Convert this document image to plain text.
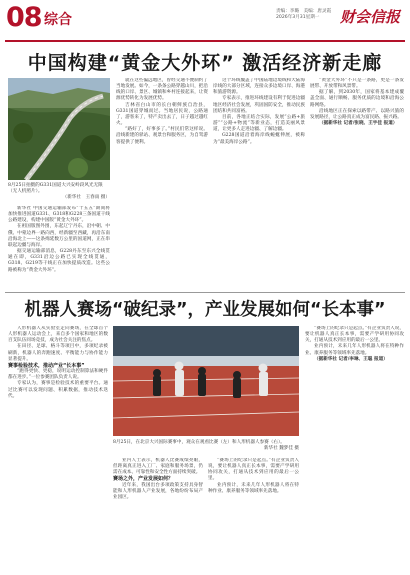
08 综合
责编：李璐　美编：唐灵霞
2026年3月31星期一	财会信报
中国构建“黄金大外环” 激活经济新走廊
8月25日拍摄的G331国道大兴安岭段风光无限（无人机照片）。
（新华社　王春雨 摄）

新华社 中国交通运输部发布“十五五”期间将加快推进国道G331、G318和G228三条国道干线公路建设，构建中国版“黄金大外环”。

在祖国版图外围，东起辽宁丹东，沿中朝、中俄、中蒙边界一路向西，经新疆至西藏，再沿东南沿海北上——这条绵延数万公里的国道网，正在串联起边疆与海岸。

据交通运输部消息，G228丹东至东兴全线贯通在即，G331沿边公路已实现全线贯通，G318、G219等干线正在加快提质改造。这些公路被称为“黄金大外环”。

就在这些偏远地区，曾经交通不便制约了当地发展。如今，一条条公路穿越山川，把沿线的口岸、景区、城镇和乡村连接起来，让资源优势转化为发展优势。

吉林省白山市的长白朝鲜族自治县，G331国道穿城而过。当地居民说，公路通了，游客来了，特产卖出去了，日子越过越红火。

“路好了，好事多了。”村民们常这样说。沿线新建的驿站、观景台和服务区，为自驾游客提供了便利。

这个环线覆盖了中国陆地边境线和大陆海岸线的大部分区域，连接众多边境口岸、海港和旅游资源。

专家表示，推进环线建设有利于促进边疆地区经济社会发展，巩固国防安全，推动民族团结和共同富裕。

目前，各地正结合实际，发展“公路+旅游”“公路+物流”等新业态，打造美丽风景道，让更多人走进边疆、了解边疆。

G228国道沿着海岸线蜿蜒伸展，被称为“最美海岸公路”。

“黄金大外环”不只是一条路，更是一条发展带、开放带和风景带。

据了解，到2030年，国家将基本建成覆盖全面、通行顺畅、服务优质的边境和沿海公路网络。

沿线地区正在探索以路带产、以路兴旅的发展路径，让公路真正成为富民路、振兴路。

（据新华社 记者/张晓、王宇佳 报道）

机器人赛场“破纪录”，产业发展如何“长本事”

人形机器人从实验室走向赛场，在全球首个人形机器人运动会上，来自多个国家和地区的数百支队伍同场竞技，成为社会关注的焦点。

在田径、足球、格斗等项目中，多项纪录被刷新，机器人的奔跑速度、平衡能力与协作能力显著提升。

赛事检验技术，推动产业“长本事”

“跑得更快、更稳，说明运动控制算法和硬件都在进步。”一位参赛团队负责人说。

专家认为，赛事是检验技术的重要平台。通过比赛可以发现问题、积累数据，推动技术迭代。

8月25日，在北京大兴国际赛事中，观众在观看比赛（左）和人形机器人参赛（右）。
新华社 魏梦佳 摄

业内人士表示，机器人比赛成绩亮眼，但距离真正进入工厂、家庭和服务场景，仍需在成本、可靠性和安全性方面持续突破。

赛场之外，产业发展如何？

近年来，我国出台多项政策支持具身智能和人形机器人产业发展，各地纷纷布局产业园区。

“赛场上的纪录只是起点。”有企业负责人说，要让机器人真正长本事，需要产学研用协同攻关，打通从技术到应用的最后一公里。

业内预计，未来几年人形机器人将在特种作业、康养服务等领域率先落地。

“赛场上的纪录只是起点。”有企业负责人说，要让机器人真正长本事，需要产学研用协同攻关，打通从技术到应用的最后一公里。

业内预计，未来几年人形机器人将在特种作业、康养服务等领域率先落地。

（据新华社 记者/李琳、王聪 报道）
